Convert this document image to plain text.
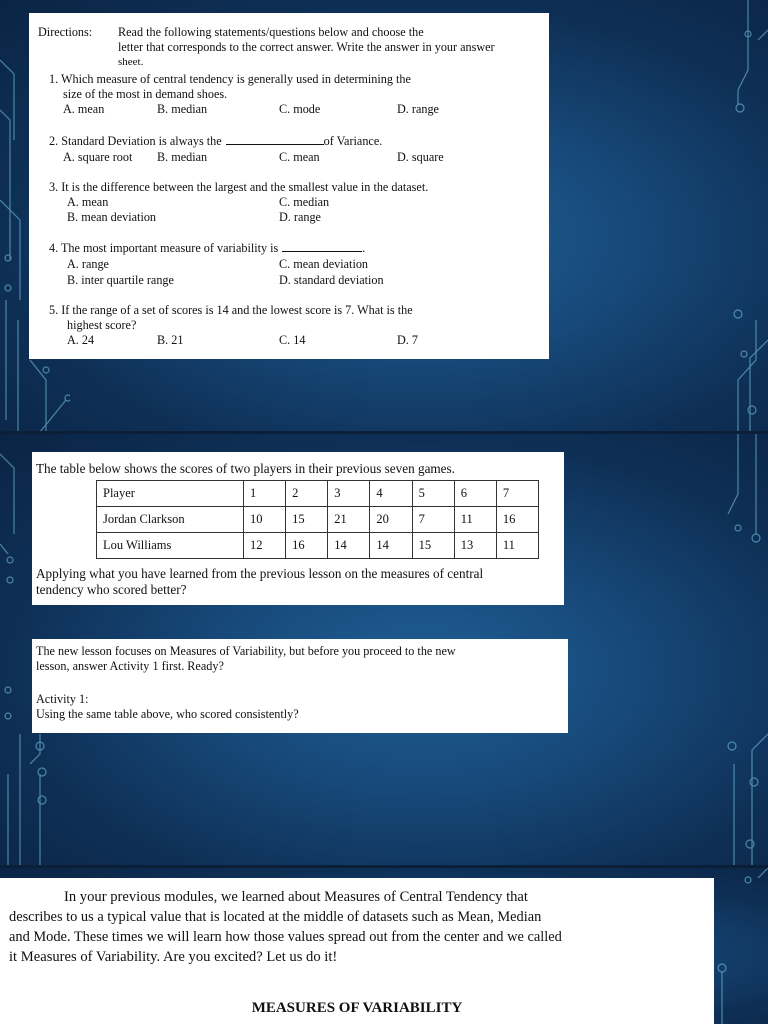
Directions: Read the following statements/questions below and choose the
letter that corresponds to the correct answer. Write the answer in your answer
sheet.
1. Which measure of central tendency is generally used in determining the
size of the most in demand shoes.
A. mean	B. median	C. mode	D. range
2. Standard Deviation is always the	of Variance.
A. square root B. median	C. mean	D. square
3. It is the difference between the largest and the smallest value in the dataset.
A. mean	C. median
B. mean deviation	D. range
4. The most important measure of variability is	.
A. range	C. mean deviation
B. inter quartile range	D. standard deviation
5. If the range of a set of scores is 14 and the lowest score is 7. What is the
highest score?
A. 24	B. 21	C. 14	D. 7
The table below shows the scores of two players in their previous seven games.
Player	1	2	3	4	5	6	7
Jordan Clarkson	10	15	21	20	7	11	16
Lou Williams	12	16	14	14	15	13	11
Applying what you have learned from the previous lesson on the measures of central
tendency who scored better?
The new lesson focuses on Measures of Variability, but before you proceed to the new
lesson, answer Activity 1 first. Ready?
Activity 1:
Using the same table above, who scored consistently?
In your previous modules, we learned about Measures of Central Tendency that
describes to us a typical value that is located at the middle of datasets such as Mean, Median
and Mode. These times we will learn how those values spread out from the center and we called
it Measures of Variability. Are you excited? Let us do it!
MEASURES OF VARIABILITY
